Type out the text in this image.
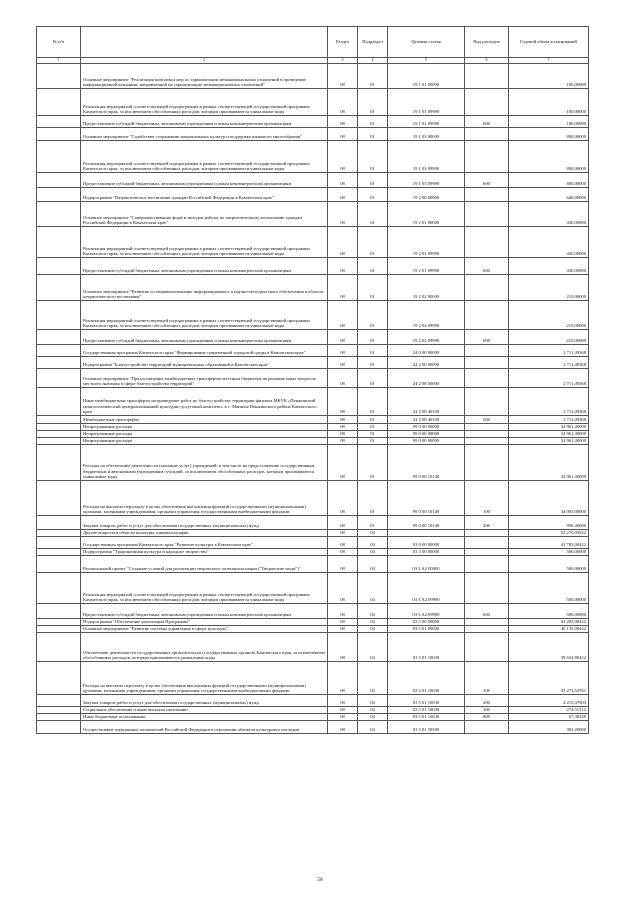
№ п/п		Раздел	Подраздел	Целевая статья	Вид расходов	Годовой объем ассигнований
1	2	3	4	5	6	7
	Основное мероприятие "Реализация комплекса мер по гармонизации межнациональных отношений в проведение информационной кампании, направленной на гармонизацию межнациональных отношений"	08	01	19 1 01 00000		100,00000
	Реализация мероприятий соответствующей подпрограммы в рамках соответствующей государственной программы Камчатского края, за исключением обособленных расходов, которым присваиваются уникальные коды	08	01	19 1 01 09990		100,00000
	Предоставление субсидий бюджетным, автономным учреждениям и иным некоммерческим организациям	08	01	19 1 01 09990	600	100,00000
	Основное мероприятие "Содействие сохранению национальных культур и поддержка языкового многообразия"	08	01	19 1 03 00000		800,00000
	Реализация мероприятий соответствующей подпрограммы в рамках соответствующей государственной программы Камчатского края, за исключением обособленных расходов, которым присваиваются уникальные коды	08	01	19 1 03 09990		800,00000
	Предоставление субсидий бюджетным, автономным учреждениям и иным некоммерческим организациям	08	01	19 1 03 09990	600	800,00000
	Подпрограмма "Патриотическое воспитание граждан Российской Федерации в Камчатском крае"	08	01	19 2 00 00000		640,00000
	Основное мероприятие "Совершенствование форм и методов работы по патриотическому воспитанию граждан Российской Федерации в Камчатском крае"	08	01	19 2 01 00000		430,00000
	Реализация мероприятий соответствующей подпрограммы в рамках соответствующей государственной программы Камчатского края, за исключением обособленных расходов, которым присваиваются уникальные коды	08	01	19 2 01 09990		430,00000
	Предоставление субсидий бюджетным, автономным учреждениям и иным некоммерческим организациям	08	01	19 2 01 09990	600	430,00000
	Основное мероприятие "Развитие и совершенствование информационного и научно-методического обеспечения в области патриотического воспитания"	08	01	19 2 02 00000		210,00000
	Реализация мероприятий соответствующей подпрограммы в рамках соответствующей государственной программы Камчатского края, за исключением обособленных расходов, которым присваиваются уникальные коды	08	01	19 2 02 09990		210,00000
	Предоставление субсидий бюджетным, автономным учреждениям и иным некоммерческим организациям	08	01	19 2 02 09990	600	210,00000
	Государственная программа Камчатского края "Формирование современной городской среды в Камчатском крае"	08	01	24 0 00 00000		2 711,49368
	Подпрограмма "Благоустройство территорий муниципальных образований в Камчатском крае"	08	01	24 2 00 00000		2 711,49368
	Основное мероприятие "Предоставление межбюджетных трансфертов местным бюджетам на решение иных вопросов местного значения в сфере благоустройства территорий"	08	01	24 2 08 00000		2 711,49368
	Иные межбюджетные трансферты на проведение работ по благоустройству территории филиала МКУК «Пенжинский межпоселенческий централизованный культурно-досуговый комплекс» в с. Манилы Пенжинского района Камчатского края	08	01	24 2 08 40330		2 711,49368
	Межбюджетные трансферты	08	01	24 2 08 40330	500	2 711,49368
	Непрограммные расходы	08	01	99 0 00 00000		34 961,40000
	Непрограммные расходы	08	01	99 0 00 00000		34 961,40000
	Непрограммные расходы	08	01	99 0 00 00000		34 961,40000
	Расходы на обеспечение деятельности (оказание услуг) учреждений, в том числе на предоставление государственным бюджетным и автономным учреждениям субсидий, за исключением обособленных расходов, которым присваиваются уникальные коды	08	01	99 0 00 10140		34 961,40000
	Расходы на выплаты персоналу в целях обеспечения выполнения функций государственными (муниципальными) органами, казенными учреждениями, органами управления государственными внебюджетными фондами	08	01	99 0 00 10140	100	34 005,00000
	Закупка товаров, работ и услуг для обеспечения государственных (муниципальных) нужд	08	01	99 0 00 10140	200	956,40000
	Другие вопросы в области культуры, кинематографии	08	04			52 270,05922
	Государственная программа Камчатского края "Развитие культуры в Камчатском крае"	08	04	03 0 00 00000		41 785,00422
	Подпрограмма "Традиционная культура и народное творчество"	08	04	03 3 00 00000		500,00000
	Региональный проект "Создание условий для реализации творческого потенциала нации ("Творческие люди")"	08	04	03 3 A2 00000		500,00000
	Реализация мероприятий соответствующей подпрограммы в рамках соответствующей государственной программы Камчатского края, за исключением обособленных расходов, которым присваиваются уникальные коды	08	04	03 3 A2 09990		500,00000
	Предоставление субсидий бюджетным, автономным учреждениям и иным некоммерческим организациям	08	04	03 3 A2 09990	600	500,00000
	Подпрограмма "Обеспечение реализации Программы"	08	04	03 5 00 00000		41 285,00422
	Основное мероприятие "Развитие системы управления в сфере культуры"	08	04	03 5 01 00000		40 135,00422
	Обеспечение деятельности государственных органов власти (государственных органов) Камчатского края, за исключением обособленных расходов, которым присваиваются уникальные коды	08	04	03 5 01 10030		39 632,80422
	Расходы на выплаты персоналу в целях обеспечения выполнения функций государственными (муниципальными) органами, казенными учреждениями, органами управления государственными внебюджетными фондами	08	04	03 5 01 10030	100	35 272,52761
	Закупка товаров, работ и услуг для обеспечения государственных (муниципальных) нужд	08	04	03 5 01 10030	200	4 215,37903
	Социальное обеспечение и иные выплаты населению	08	04	03 5 01 10030	300	274,51512
	Иные бюджетные ассигнования	08	04	03 5 01 10030	800	67,38249
	Осуществление переданных полномочий Российской Федерации в отношении объектов культурного наследия	08	04	03 5 01 59500		302,20000
58
